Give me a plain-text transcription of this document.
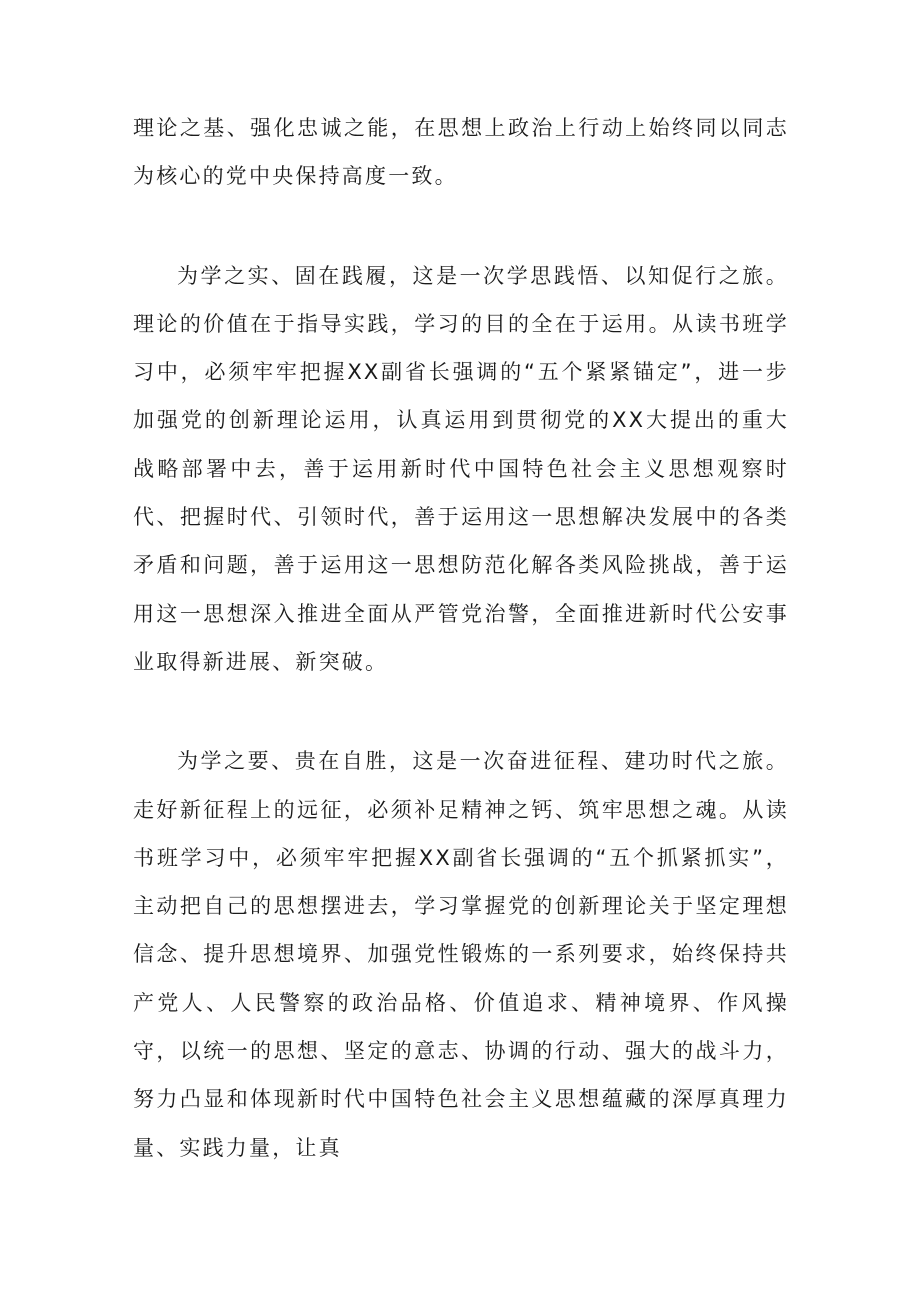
理论之基、强化忠诚之能，在思想上政治上行动上始终同以同志为核心的党中央保持高度一致。

为学之实、固在践履，这是一次学思践悟、以知促行之旅。理论的价值在于指导实践，学习的目的全在于运用。从读书班学习中，必须牢牢把握XX副省长强调的“五个紧紧锚定”，进一步加强党的创新理论运用，认真运用到贯彻党的XX大提出的重大战略部署中去，善于运用新时代中国特色社会主义思想观察时代、把握时代、引领时代，善于运用这一思想解决发展中的各类矛盾和问题，善于运用这一思想防范化解各类风险挑战，善于运用这一思想深入推进全面从严管党治警，全面推进新时代公安事业取得新进展、新突破。

为学之要、贵在自胜，这是一次奋进征程、建功时代之旅。走好新征程上的远征，必须补足精神之钙、筑牢思想之魂。从读书班学习中，必须牢牢把握XX副省长强调的“五个抓紧抓实”，主动把自己的思想摆进去，学习掌握党的创新理论关于坚定理想信念、提升思想境界、加强党性锻炼的一系列要求，始终保持共产党人、人民警察的政治品格、价值追求、精神境界、作风操守，以统一的思想、坚定的意志、协调的行动、强大的战斗力，努力凸显和体现新时代中国特色社会主义思想蕴藏的深厚真理力量、实践力量，让真
